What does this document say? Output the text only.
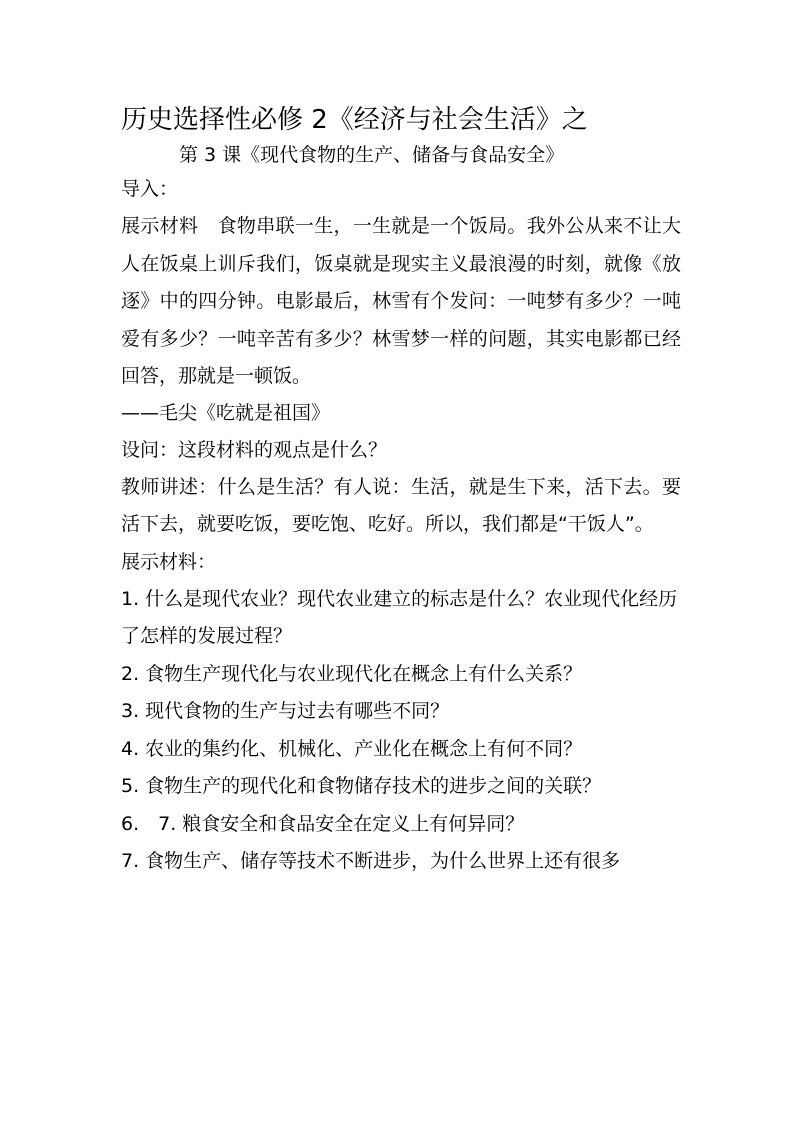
历史选择性必修 2《经济与社会生活》之
第 3 课《现代食物的生产、储备与食品安全》
导入：

展示材料　食物串联一生，一生就是一个饭局。我外公从来不让大人在饭桌上训斥我们，饭桌就是现实主义最浪漫的时刻，就像《放逐》中的四分钟。电影最后，林雪有个发问：一吨梦有多少？一吨爱有多少？一吨辛苦有多少？林雪梦一样的问题，其实电影都已经回答，那就是一顿饭。

——毛尖《吃就是祖国》
设问：这段材料的观点是什么？

教师讲述：什么是生活？有人说：生活，就是生下来，活下去。要活下去，就要吃饭，要吃饱、吃好。所以，我们都是“干饭人”。

展示材料：

1. 什么是现代农业？现代农业建立的标志是什么？农业现代化经历了怎样的发展过程？

2. 食物生产现代化与农业现代化在概念上有什么关系？

3. 现代食物的生产与过去有哪些不同？

4. 农业的集约化、机械化、产业化在概念上有何不同？

5. 食物生产的现代化和食物储存技术的进步之间的关联？

6.　7. 粮食安全和食品安全在定义上有何异同？

7. 食物生产、储存等技术不断进步，为什么世界上还有很多
